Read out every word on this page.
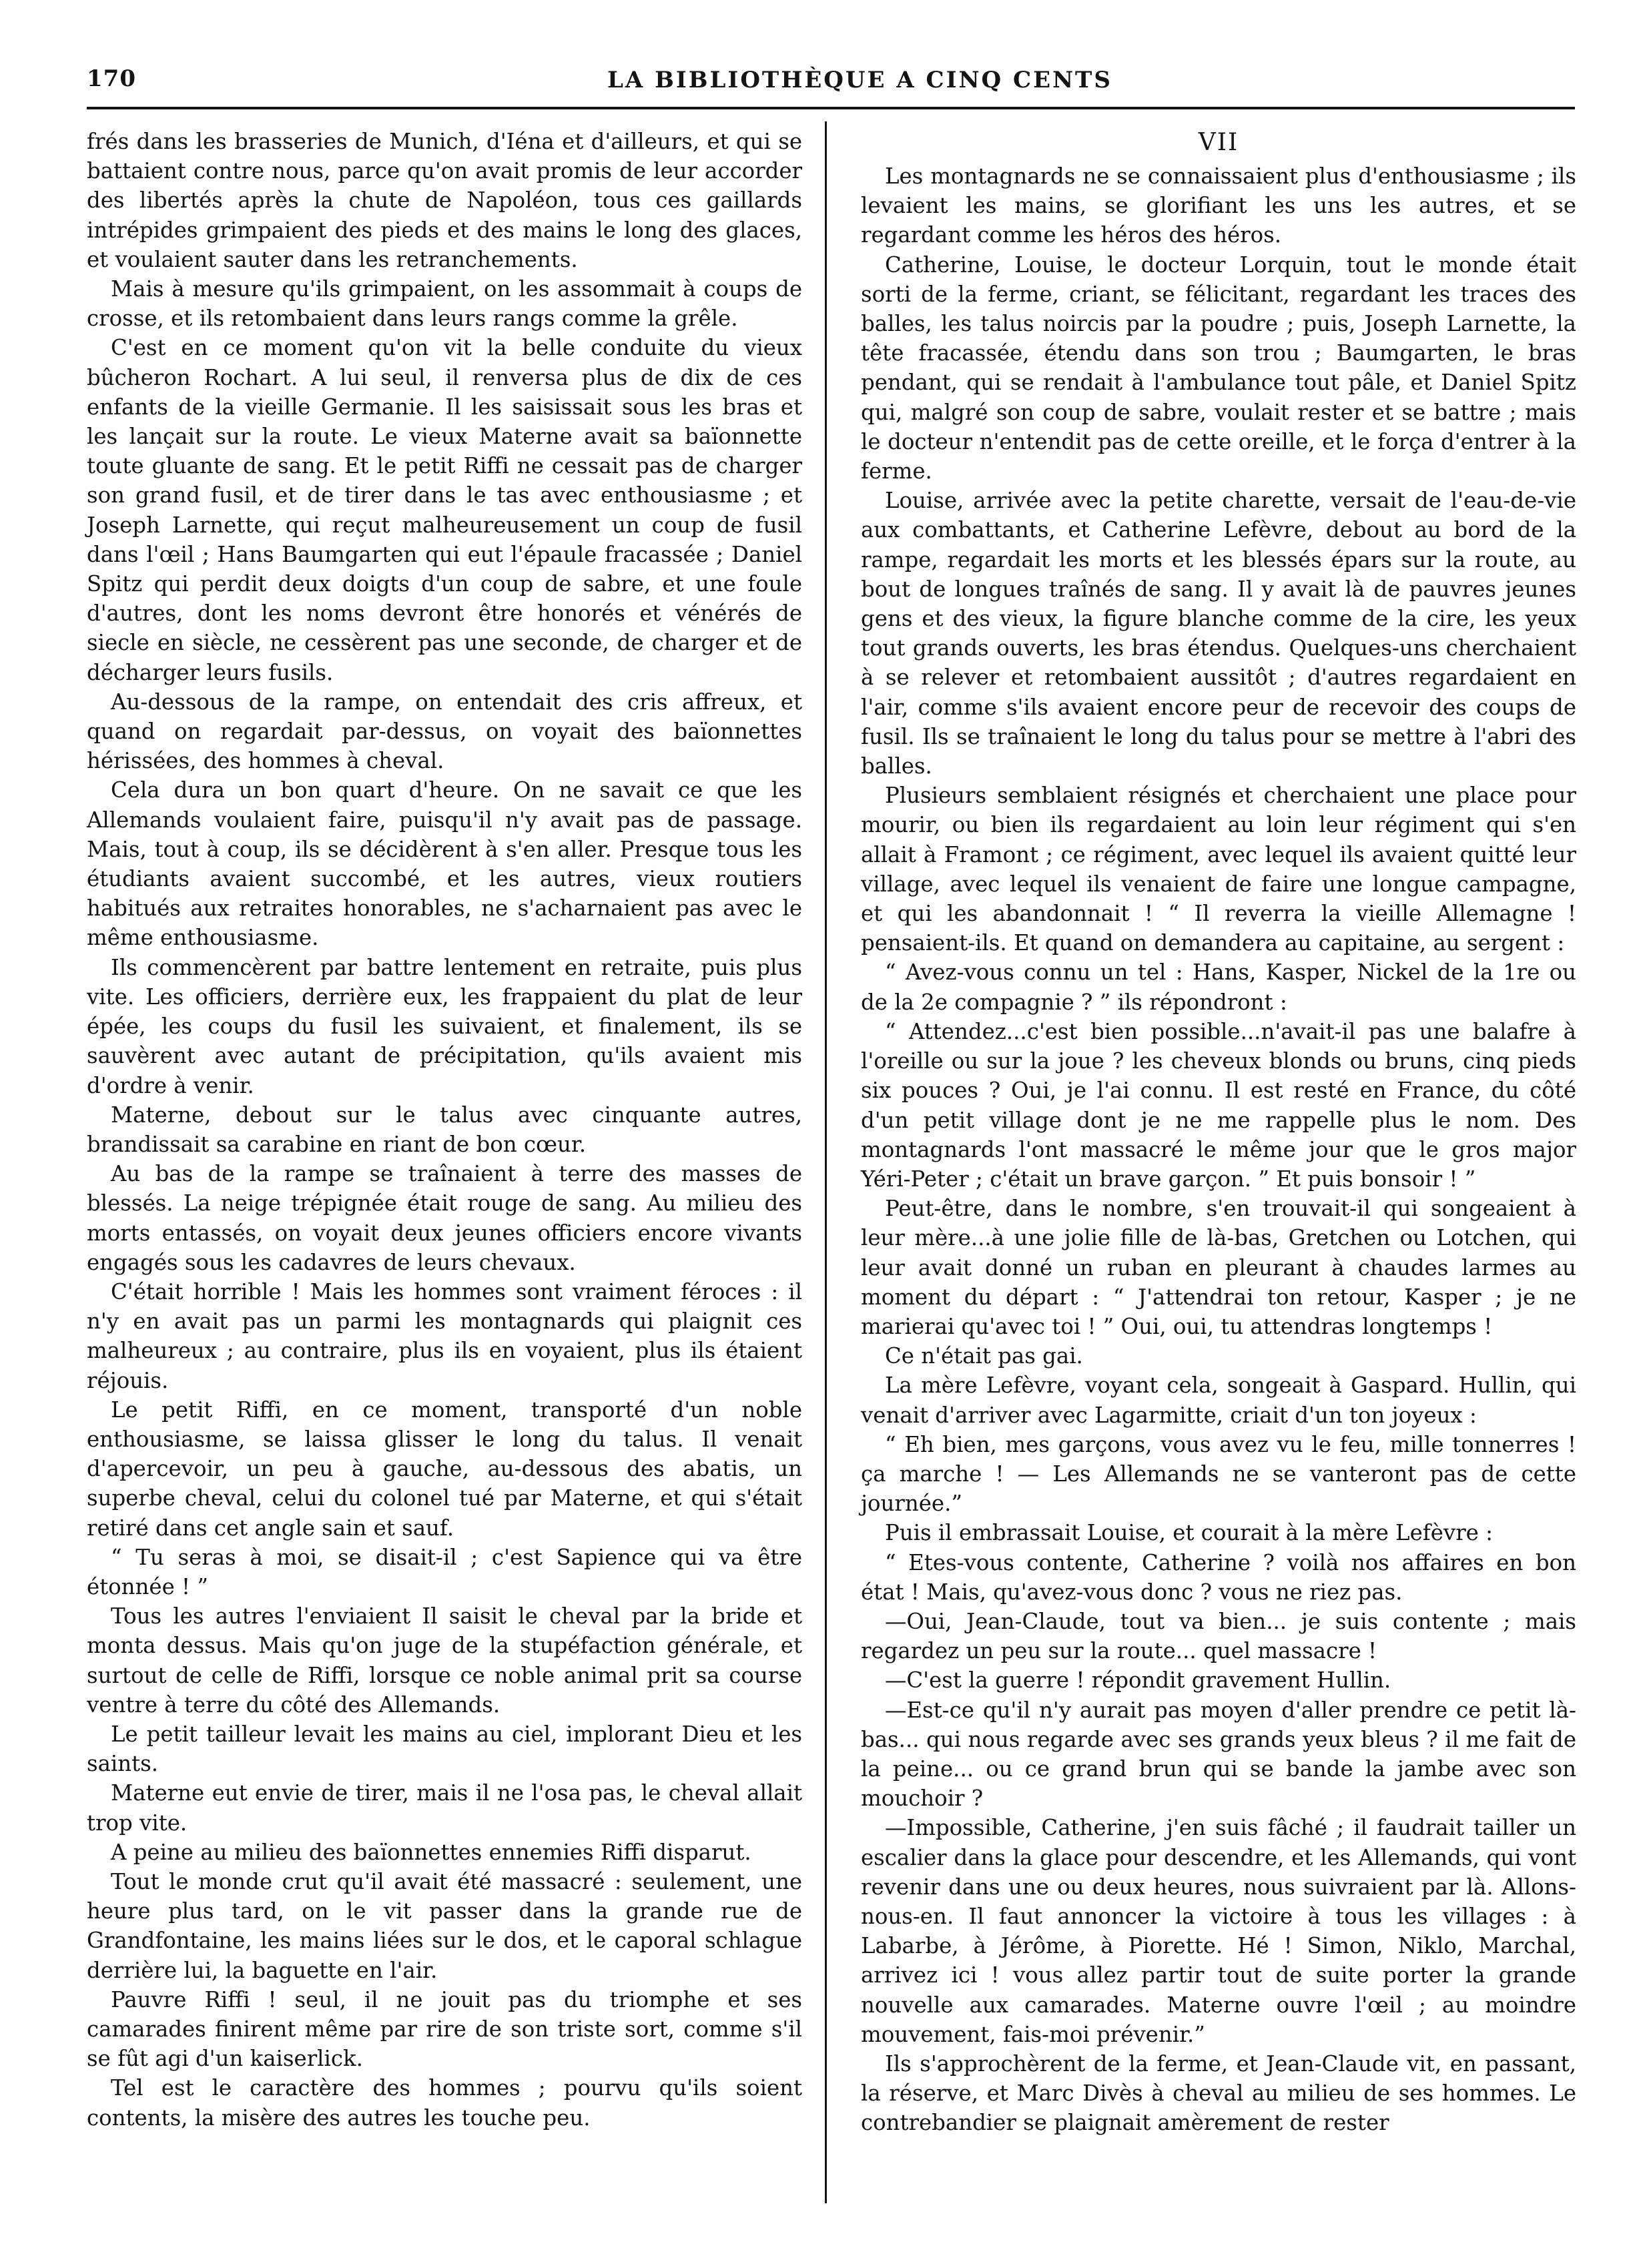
170	LA BIBLIOTHÈQUE A CINQ CENTS

frés dans les brasseries de Munich, d'Iéna et d'ailleurs, et qui se battaient contre nous, parce qu'on avait promis de leur accorder des libertés après la chute de Napoléon, tous ces gaillards intrépides grimpaient des pieds et des mains le long des glaces, et voulaient sauter dans les retranchements.

Mais à mesure qu'ils grimpaient, on les assommait à coups de crosse, et ils retombaient dans leurs rangs comme la grêle.

C'est en ce moment qu'on vit la belle conduite du vieux bûcheron Rochart. A lui seul, il renversa plus de dix de ces enfants de la vieille Germanie. Il les saisissait sous les bras et les lançait sur la route. Le vieux Materne avait sa baïonnette toute gluante de sang. Et le petit Riffi ne cessait pas de charger son grand fusil, et de tirer dans le tas avec enthousiasme ; et Joseph Larnette, qui reçut malheureusement un coup de fusil dans l'œil ; Hans Baumgarten qui eut l'épaule fracassée ; Daniel Spitz qui perdit deux doigts d'un coup de sabre, et une foule d'autres, dont les noms devront être honorés et vénérés de siecle en siècle, ne cessèrent pas une seconde, de charger et de décharger leurs fusils.

Au-dessous de la rampe, on entendait des cris affreux, et quand on regardait par-dessus, on voyait des baïonnettes hérissées, des hommes à cheval.

Cela dura un bon quart d'heure. On ne savait ce que les Allemands voulaient faire, puisqu'il n'y avait pas de passage. Mais, tout à coup, ils se décidèrent à s'en aller. Presque tous les étudiants avaient succombé, et les autres, vieux routiers habitués aux retraites honorables, ne s'acharnaient pas avec le même enthousiasme.

Ils commencèrent par battre lentement en retraite, puis plus vite. Les officiers, derrière eux, les frappaient du plat de leur épée, les coups du fusil les suivaient, et finalement, ils se sauvèrent avec autant de précipitation, qu'ils avaient mis d'ordre à venir.

Materne, debout sur le talus avec cinquante autres, brandissait sa carabine en riant de bon cœur.

Au bas de la rampe se traînaient à terre des masses de blessés. La neige trépignée était rouge de sang. Au milieu des morts entassés, on voyait deux jeunes officiers encore vivants engagés sous les cadavres de leurs chevaux.

C'était horrible ! Mais les hommes sont vraiment féroces : il n'y en avait pas un parmi les montagnards qui plaignit ces malheureux ; au contraire, plus ils en voyaient, plus ils étaient réjouis.

Le petit Riffi, en ce moment, transporté d'un noble enthousiasme, se laissa glisser le long du talus. Il venait d'apercevoir, un peu à gauche, au-dessous des abatis, un superbe cheval, celui du colonel tué par Materne, et qui s'était retiré dans cet angle sain et sauf.

“ Tu seras à moi, se disait-il ; c'est Sapience qui va être étonnée ! ”

Tous les autres l'enviaient Il saisit le cheval par la bride et monta dessus. Mais qu'on juge de la stupéfaction générale, et surtout de celle de Riffi, lorsque ce noble animal prit sa course ventre à terre du côté des Allemands.

Le petit tailleur levait les mains au ciel, implorant Dieu et les saints.

Materne eut envie de tirer, mais il ne l'osa pas, le cheval allait trop vite.

A peine au milieu des baïonnettes ennemies Riffi disparut.

Tout le monde crut qu'il avait été massacré : seulement, une heure plus tard, on le vit passer dans la grande rue de Grandfontaine, les mains liées sur le dos, et le caporal schlague derrière lui, la baguette en l'air.

Pauvre Riffi ! seul, il ne jouit pas du triomphe et ses camarades finirent même par rire de son triste sort, comme s'il se fût agi d'un kaiserlick.

Tel est le caractère des hommes ; pourvu qu'ils soient contents, la misère des autres les touche peu.

VII

Les montagnards ne se connaissaient plus d'enthousiasme ; ils levaient les mains, se glorifiant les uns les autres, et se regardant comme les héros des héros.

Catherine, Louise, le docteur Lorquin, tout le monde était sorti de la ferme, criant, se félicitant, regardant les traces des balles, les talus noircis par la poudre ; puis, Joseph Larnette, la tête fracassée, étendu dans son trou ; Baumgarten, le bras pendant, qui se rendait à l'ambulance tout pâle, et Daniel Spitz qui, malgré son coup de sabre, voulait rester et se battre ; mais le docteur n'entendit pas de cette oreille, et le força d'entrer à la ferme.

Louise, arrivée avec la petite charette, versait de l'eau-de-vie aux combattants, et Catherine Lefèvre, debout au bord de la rampe, regardait les morts et les blessés épars sur la route, au bout de longues traînés de sang. Il y avait là de pauvres jeunes gens et des vieux, la figure blanche comme de la cire, les yeux tout grands ouverts, les bras étendus. Quelques-uns cherchaient à se relever et retombaient aussitôt ; d'autres regardaient en l'air, comme s'ils avaient encore peur de recevoir des coups de fusil. Ils se traînaient le long du talus pour se mettre à l'abri des balles.

Plusieurs semblaient résignés et cherchaient une place pour mourir, ou bien ils regardaient au loin leur régiment qui s'en allait à Framont ; ce régiment, avec lequel ils avaient quitté leur village, avec lequel ils venaient de faire une longue campagne, et qui les abandonnait ! “ Il reverra la vieille Allemagne ! pensaient-ils. Et quand on demandera au capitaine, au sergent :

“ Avez-vous connu un tel : Hans, Kasper, Nickel de la 1re ou de la 2e compagnie ? ” ils répondront :

“ Attendez...c'est bien possible...n'avait-il pas une balafre à l'oreille ou sur la joue ? les cheveux blonds ou bruns, cinq pieds six pouces ? Oui, je l'ai connu. Il est resté en France, du côté d'un petit village dont je ne me rappelle plus le nom. Des montagnards l'ont massacré le même jour que le gros major Yéri-Peter ; c'était un brave garçon. ” Et puis bonsoir ! ”

Peut-être, dans le nombre, s'en trouvait-il qui songeaient à leur mère...à une jolie fille de là-bas, Gretchen ou Lotchen, qui leur avait donné un ruban en pleurant à chaudes larmes au moment du départ : “ J'attendrai ton retour, Kasper ; je ne marierai qu'avec toi ! ” Oui, oui, tu attendras longtemps !

Ce n'était pas gai.

La mère Lefèvre, voyant cela, songeait à Gaspard. Hullin, qui venait d'arriver avec Lagarmitte, criait d'un ton joyeux :

“ Eh bien, mes garçons, vous avez vu le feu, mille tonnerres ! ça marche ! — Les Allemands ne se vanteront pas de cette journée.”

Puis il embrassait Louise, et courait à la mère Lefèvre :

“ Etes-vous contente, Catherine ? voilà nos affaires en bon état ! Mais, qu'avez-vous donc ? vous ne riez pas.

—Oui, Jean-Claude, tout va bien... je suis contente ; mais regardez un peu sur la route... quel massacre !

—C'est la guerre ! répondit gravement Hullin.

—Est-ce qu'il n'y aurait pas moyen d'aller prendre ce petit là-bas... qui nous regarde avec ses grands yeux bleus ? il me fait de la peine... ou ce grand brun qui se bande la jambe avec son mouchoir ?

—Impossible, Catherine, j'en suis fâché ; il faudrait tailler un escalier dans la glace pour descendre, et les Allemands, qui vont revenir dans une ou deux heures, nous suivraient par là. Allons-nous-en. Il faut annoncer la victoire à tous les villages : à Labarbe, à Jérôme, à Piorette. Hé ! Simon, Niklo, Marchal, arrivez ici ! vous allez partir tout de suite porter la grande nouvelle aux camarades. Materne ouvre l'œil ; au moindre mouvement, fais-moi prévenir.”

Ils s'approchèrent de la ferme, et Jean-Claude vit, en passant, la réserve, et Marc Divès à cheval au milieu de ses hommes. Le contrebandier se plaignait amèrement de rester
